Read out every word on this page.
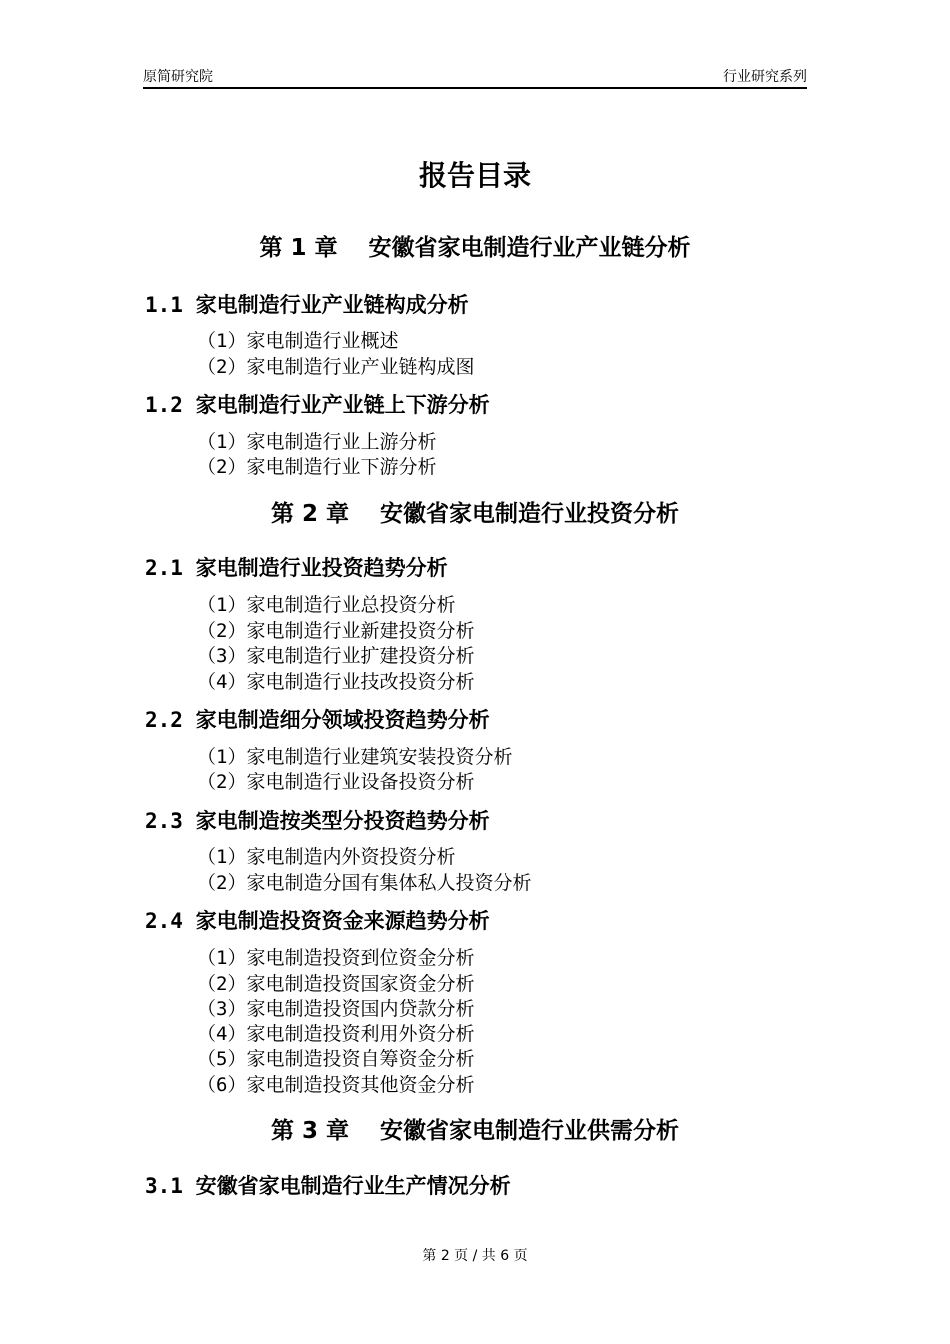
原简研究院	行业研究系列
报告目录
第 1 章　 安徽省家电制造行业产业链分析
1.1 家电制造行业产业链构成分析
（1）家电制造行业概述
（2）家电制造行业产业链构成图
1.2 家电制造行业产业链上下游分析
（1）家电制造行业上游分析
（2）家电制造行业下游分析
第 2 章　 安徽省家电制造行业投资分析
2.1 家电制造行业投资趋势分析
（1）家电制造行业总投资分析
（2）家电制造行业新建投资分析
（3）家电制造行业扩建投资分析
（4）家电制造行业技改投资分析
2.2 家电制造细分领域投资趋势分析
（1）家电制造行业建筑安装投资分析
（2）家电制造行业设备投资分析
2.3 家电制造按类型分投资趋势分析
（1）家电制造内外资投资分析
（2）家电制造分国有集体私人投资分析
2.4 家电制造投资资金来源趋势分析
（1）家电制造投资到位资金分析
（2）家电制造投资国家资金分析
（3）家电制造投资国内贷款分析
（4）家电制造投资利用外资分析
（5）家电制造投资自筹资金分析
（6）家电制造投资其他资金分析
第 3 章　 安徽省家电制造行业供需分析
3.1 安徽省家电制造行业生产情况分析
第 2 页 / 共 6 页
